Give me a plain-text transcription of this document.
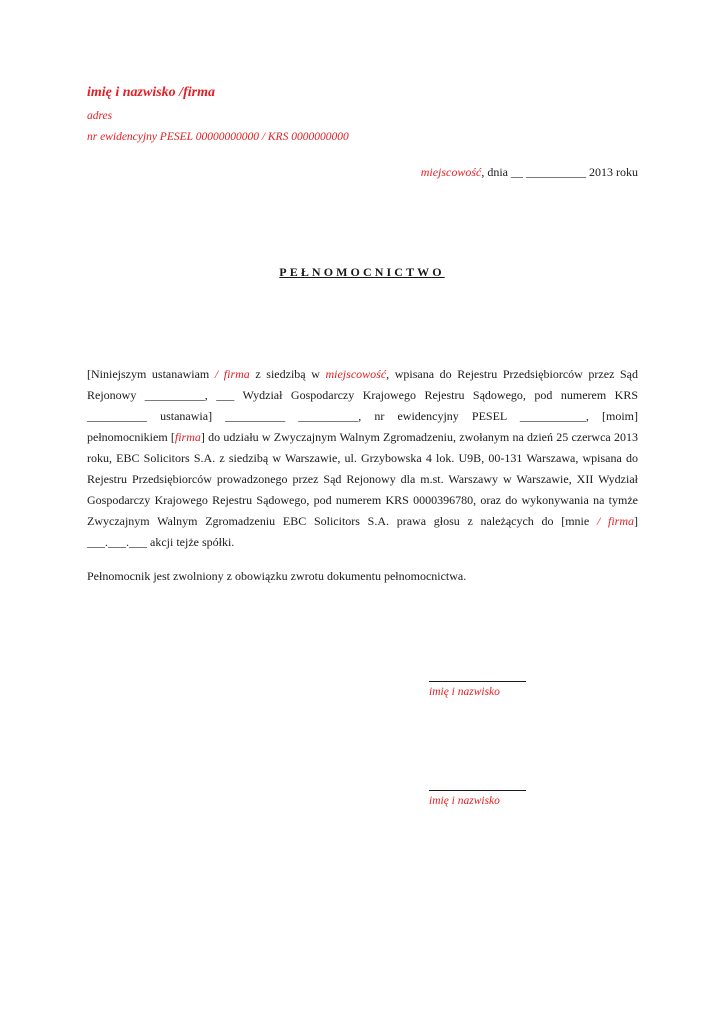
imię i nazwisko /firma
adres
nr ewidencyjny PESEL 00000000000 / KRS 0000000000
miejscowość, dnia __ __________ 2013 roku
PEŁNOMOCNICTWO

[Niniejszym ustanawiam / firma z siedzibą w miejscowość, wpisana do Rejestru Przedsiębiorców przez Sąd Rejonowy __________, ___ Wydział Gospodarczy Krajowego Rejestru Sądowego, pod numerem KRS __________ ustanawia] __________ __________, nr ewidencyjny PESEL ___________, [moim] pełnomocnikiem [firma] do udziału w Zwyczajnym Walnym Zgromadzeniu, zwołanym na dzień 25 czerwca 2013 roku, EBC Solicitors S.A. z siedzibą w Warszawie, ul. Grzybowska 4 lok. U9B, 00-131 Warszawa, wpisana do Rejestru Przedsiębiorców prowadzonego przez Sąd Rejonowy dla m.st. Warszawy w Warszawie, XII Wydział Gospodarczy Krajowego Rejestru Sądowego, pod numerem KRS 0000396780, oraz do wykonywania na tymże Zwyczajnym Walnym Zgromadzeniu EBC Solicitors S.A. prawa głosu z należących do [mnie / firma] ___.___.___ akcji tejże spółki.

Pełnomocnik jest zwolniony z obowiązku zwrotu dokumentu pełnomocnictwa.
imię i nazwisko
imię i nazwisko
